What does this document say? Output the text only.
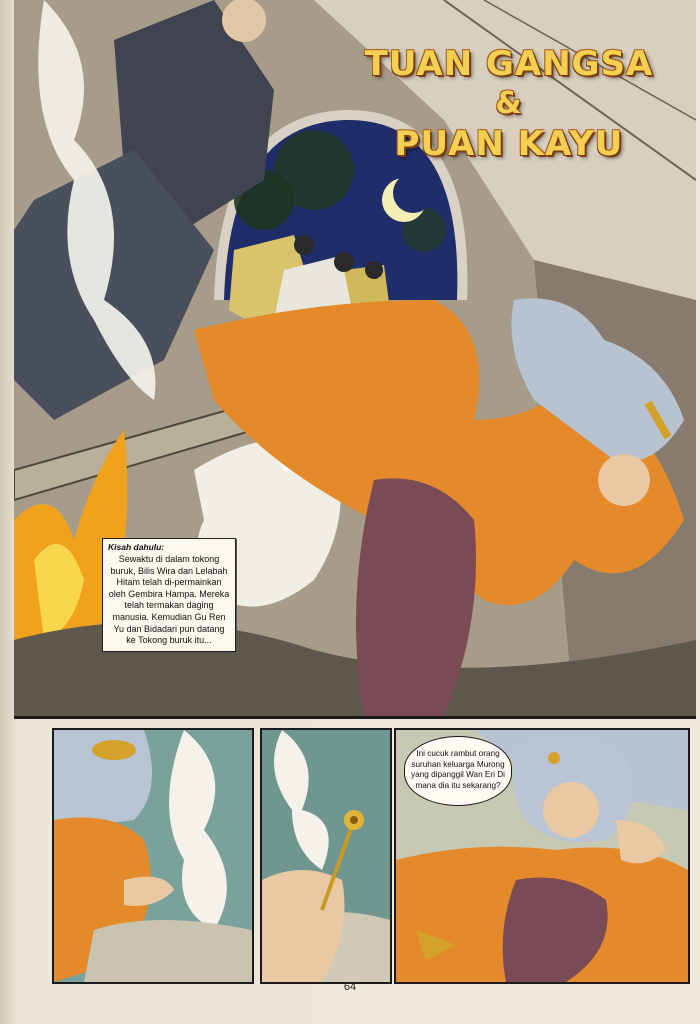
TUAN GANGSA
&
PUAN KAYU
Kisah dahulu:
Sewaktu di dalam tokong buruk, Bilis Wira dan Lelabah Hitam telah di-permainkan oleh Gembira Hampa. Mereka telah termakan daging manusia. Kemudian Gu Ren Yu dan Bidadari pun datang ke Tokong buruk itu...
Ini cucuk rambut orang suruhan keluarga Murong yang dipanggil Wan Eri Di mana dia itu sekarang?
64
